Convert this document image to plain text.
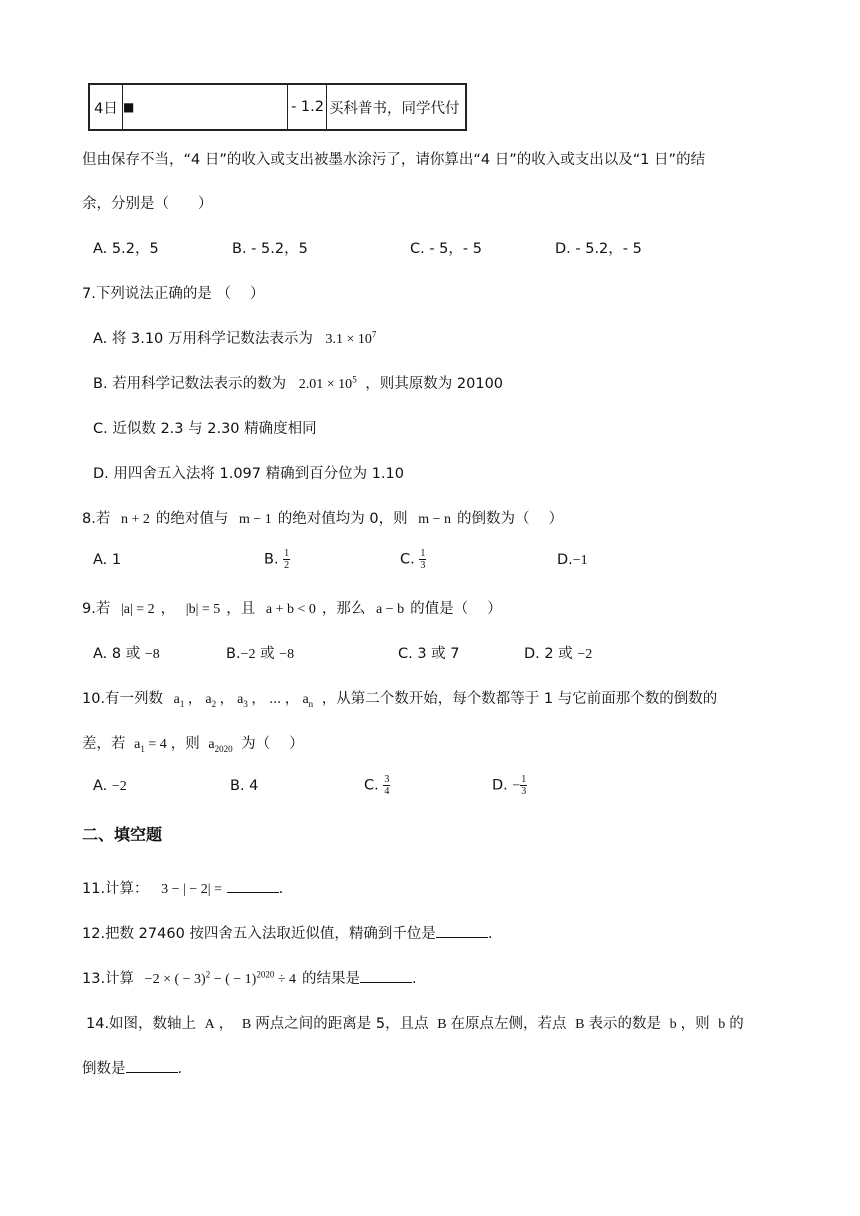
4日	■	- 1.2	买科普书，同学代付
但由保存不当，“4 日”的收入或支出被墨水涂污了，请你算出“4 日”的收入或支出以及“1 日”的结
余，分别是（　　）
A. 5.2，5	B. - 5.2，5	C. - 5，- 5	D. - 5.2，- 5
7.下列说法正确的是 （　 ）
A. 将 3.10 万用科学记数法表示为 $3.1 \times 10^7$
B. 若用科学记数法表示的数为 $2.01 \times 10^5$ ，则其原数为 20100
C. 近似数 2.3 与 2.30 精确度相同
D. 用四舍五入法将 1.097 精确到百分位为 1.10
8.若 n + 2 的绝对值与 m − 1 的绝对值均为 0，则 m − n 的倒数为（　 ）
A. 1	B. $\frac{1}{2}$	C. $\frac{1}{3}$	D.−1
9.若 |a| = 2 ， |b| = 5 ，且 a + b < 0 ，那么 a − b 的值是（　 ）
A. 8 或 −8	B.−2 或 −8	C. 3 或 7	D. 2 或 −2
10.有一列数 $a_1$ ， $a_2$ ， $a_3$ ， ⋯ ， $a_n$ ，从第二个数开始，每个数都等于 1 与它前面那个数的倒数的
差，若 $a_1 = 4$ ，则 $a_{2020}$ 为（　 ）
A. −2	B. 4	C. $\frac{3}{4}$	D. − $\frac{1}{3}$
二、填空题
11.计算： 3 − | − 2| =	.
12.把数 27460 按四舍五入法取近似值，精确到千位是	.
13.计算 −2 × ( − 3)$^2$ − ( − 1)$^{2020}$ ÷ 4 的结果是	.
14.如图，数轴上 A ， B 两点之间的距离是 5，且点 B 在原点左侧，若点 B 表示的数是 b ，则 b 的
倒数是	.
